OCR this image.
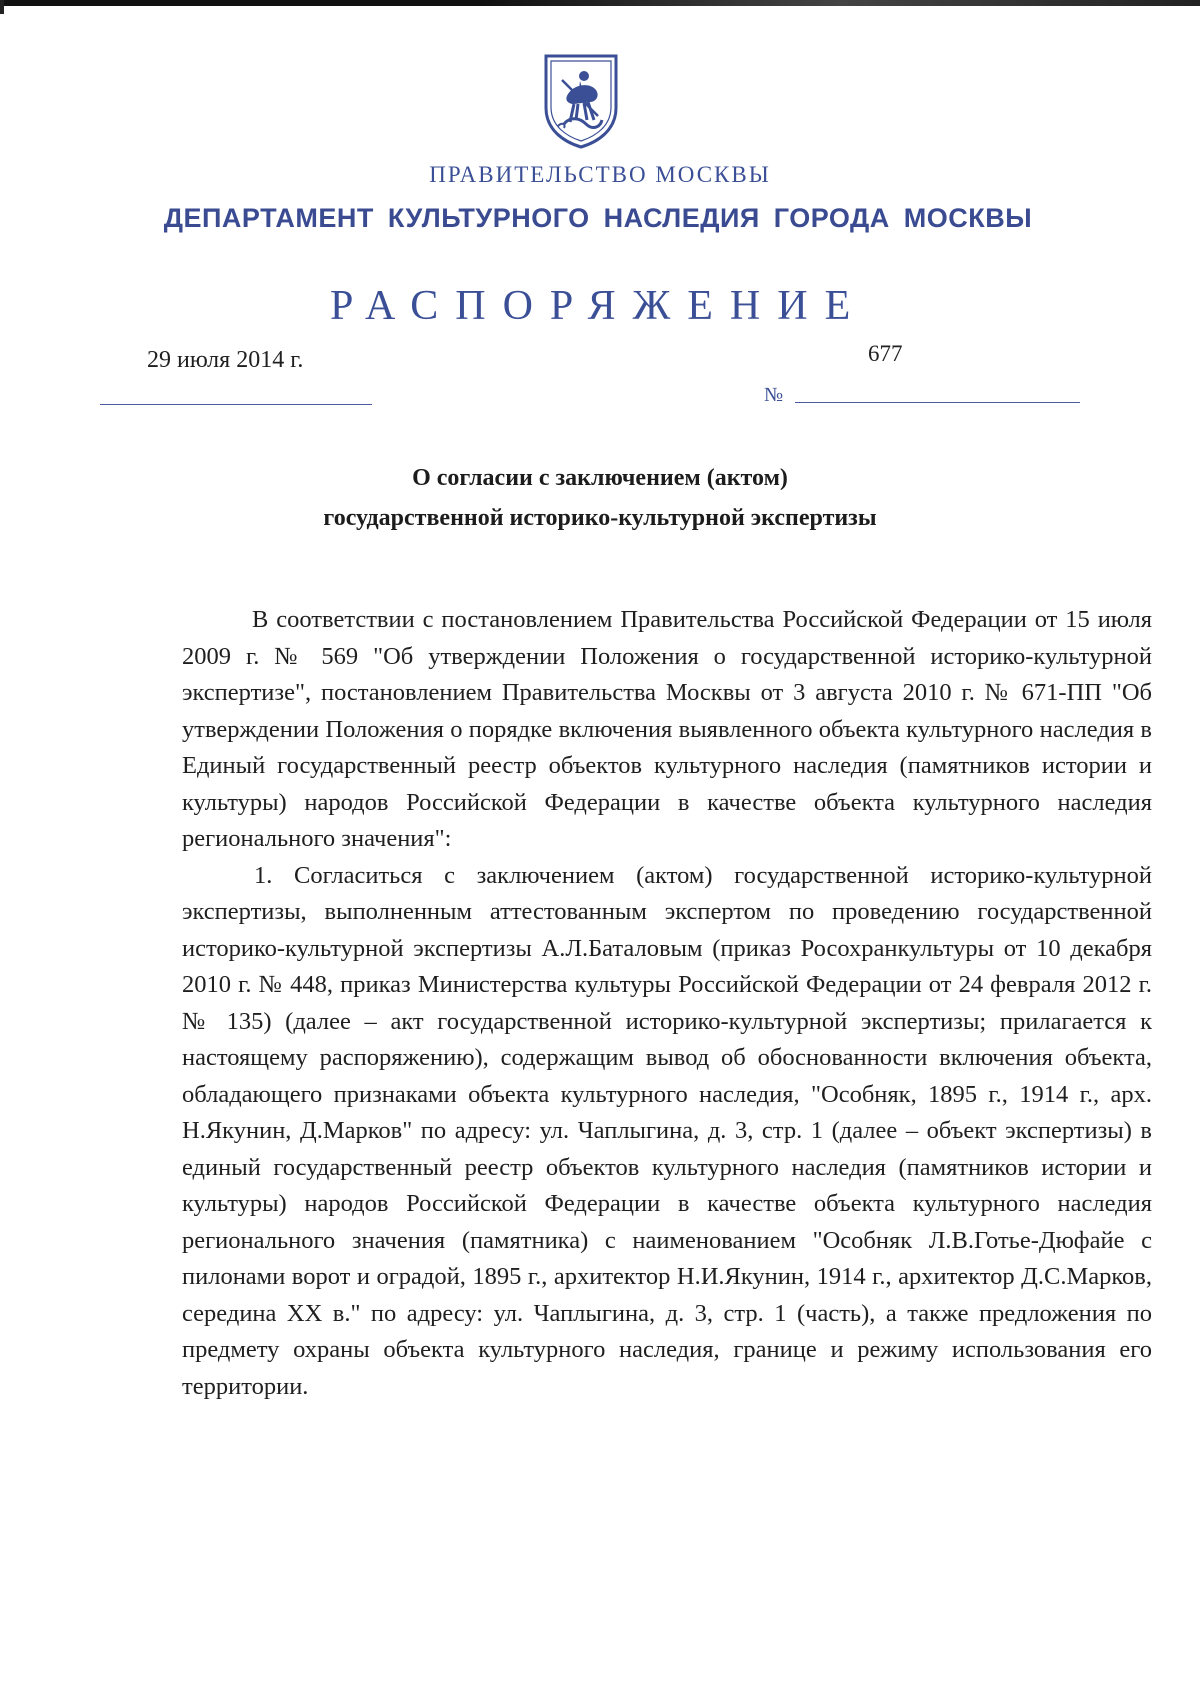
ПРАВИТЕЛЬСТВО МОСКВЫ
ДЕПАРТАМЕНТ КУЛЬТУРНОГО НАСЛЕДИЯ ГОРОДА МОСКВЫ
РАСПОРЯЖЕНИЕ
29 июля 2014 г.	677
№
О согласии с заключением (актом)
государственной историко-культурной экспертизы

В соответствии с постановлением Правительства Российской Федерации от 15 июля 2009 г. № 569 "Об утверждении Положения о государственной историко-культурной экспертизе", постановлением Правительства Москвы от 3 августа 2010 г. № 671-ПП "Об утверждении Положения о порядке включения выявленного объекта культурного наследия в Единый государственный реестр объектов культурного наследия (памятников истории и культуры) народов Российской Федерации в качестве объекта культурного наследия регионального значения":

1. Согласиться с заключением (актом) государственной историко-культурной экспертизы, выполненным аттестованным экспертом по проведению государственной историко-культурной экспертизы А.Л.Баталовым (приказ Росохранкультуры от 10 декабря 2010 г. № 448, приказ Министерства культуры Российской Федерации от 24 февраля 2012 г. № 135) (далее – акт государственной историко-культурной экспертизы; прилагается к настоящему распоряжению), содержащим вывод об обоснованности включения объекта, обладающего признаками объекта культурного наследия, "Особняк, 1895 г., 1914 г., арх. Н.Якунин, Д.Марков" по адресу: ул. Чаплыгина, д. 3, стр. 1 (далее – объект экспертизы) в единый государственный реестр объектов культурного наследия (памятников истории и культуры) народов Российской Федерации в качестве объекта культурного наследия регионального значения (памятника) с наименованием "Особняк Л.В.Готье-Дюфайе с пилонами ворот и оградой, 1895 г., архитектор Н.И.Якунин, 1914 г., архитектор Д.С.Марков, середина XX в." по адресу: ул. Чаплыгина, д. 3, стр. 1 (часть), а также предложения по предмету охраны объекта культурного наследия, границе и режиму использования его территории.
